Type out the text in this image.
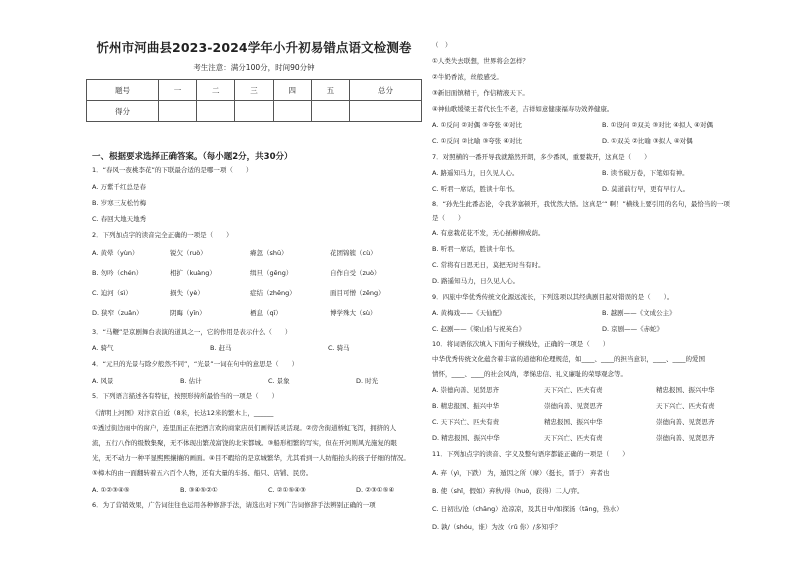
忻州市河曲县2023-2024学年小升初易错点语文检测卷
考生注意：满分100分，时间90分钟
题号	一	二	三	四	五	总分
得分						
一、根据要求选择正确答案。（每小题2分，共30分）
1．“春风一夜桃李花”的下联最合适的是哪一项（　　）
A. 万紫千红总是春
B. 岁寒三友松竹梅
C. 春回大地天地秀
2．下列加点字的读音完全正确的一项是（　　）
A. 黄晕（yùn）	锐欠（ruò）	瘠忽（shū）	花团锦簇（cù）
B. 勿吟（chén）	相扩（kuàng）	缉旦（gēng）	自作自受（zuò）
C. 迫河（sì）	损失（yè）	症结（zhēng）	面目可憎（zēng）
D. 狭窄（zuǎn）	阴晦（yīn）	栖息（qī）	博学殊大（sù）
3．“马鞭”是京剧舞台表演的道具之一，它的作用是表示什么（　　）
A. 骑气	B. 赶马	C. 骑马
4．“元旦的光景与除夕般然不同”，“光景”一词在句中的意思是（　　）
A. 风景	B. 估计	C. 景象	D. 时光
5．下列语言描述各有特征，按照形持所最恰当的一项是（　　）
《清明上河图》对汴京自近（8米，长达12米的繁木上，______
①透过街边雨中的窗户，连里面正在把酒言欢的商家店员们画得活灵活现。②房舍街道桥虹飞泻，拥挤的人
流，五行八作的级数集聚，无不体现出繁茂富饶的北宋都城。③船形相繁的写实，但在开河则风光施复的眼
光，无不动力一种平显熙熙攘攘的画面。④目不暇给的是京城繁华，尤其看到一人纺船抬头的孩子仔细的情况。
⑤樟木的由一面翻转着五六百个人物，还有大量的车扬、船只、店铺、民房。
A. ①②③④⑤	B. ③④⑤②①	C. ②①⑤④③	D. ②③①⑤④
6．为了营销效果，广告词往往也运用各种修辞手法，请选出对下列广告词修辞手法辨别正确的一项
（　）
①人类失去联想，世界将会怎样？
②牛奶香浓，丝般感受。
③新旧面镇精干，作信精液天下。
④神仙歌缓梁王者代长生不老，吉祥如意健康福寿功效养健康。
A. ①反问 ②对偶 ③夸张 ④对比	B. ①设问 ②双关 ③对比 ④拟人 ④对偶
C. ①反问 ②比喻 ③夸张 ④对比	D. ①双关 ②比喻 ③拟人 ④对偶
7．对照横的一番开导我就豁然开朗，多少番风，重要栽开，这真是（　　）
A. 路遥知马力，日久见人心。	B. 读书破万卷，下笔如有神。
C. 听君一席话，胜读十年书。	D. 莫道前行早，更有早行人。
8．“孙先生此番态论，令我茅塞顿开，我忧然大悟。这真是‘“ 啊！”横线上要引用的名句，最恰当的一项
是（　　）
A. 有意栽花花不发，无心插柳柳成荫。
B. 听君一席话，胜读十年书。
C. 常将有日思无日，莫把无时当有时。
D. 路遥知马力，日久见人心。
9．四旅中华优秀传统文化源远流长，下列选项以其经典剧目起对错误的是（　　）。
A. 黄梅戏——《天仙配》	B. 越剧——《文成公主》
C. 赵剧——《梁山伯与祝英台》	D. 京剧——《赤蛇》
10．将词语依次填入下面句子横线处，正确的一项是（　　）
中华优秀传统文化蕴含着丰富的道德和伦理规范，如____、____的担当意识，____、____的爱国
情怀，____、____的社会风尚，孝悌忠信、礼义廉耻的荣辱观念等。
A. 崇德向善、见贤思齐	天下兴亡、匹夫有责	精忠报国、振兴中华
B. 精忠报国、振兴中华	崇德向善、见贤思齐	天下兴亡、匹夫有责
C. 天下兴亡、匹夫有责	精忠报国、振兴中华	崇德向善、见贤思齐
D. 精忠报国、振兴中华	天下兴亡、匹夫有责	崇德向善、见贤思齐
11．下列加点字的读音、字义及整句语序都能正确的一项是（　　）
A. 弃（yì，下跌） 为，遁因之所（摩）（挺长，晋于） 弃者也
B. 使（shǐ，假如）弃秋/得（huò，获得）二人/弈。
C. 日初出/沧（chāng）沧凉凉，及其日中/如探汤（tāng，热水）
D. 孰/（shóu，谁）为汝（rǔ 你）/多知乎？
